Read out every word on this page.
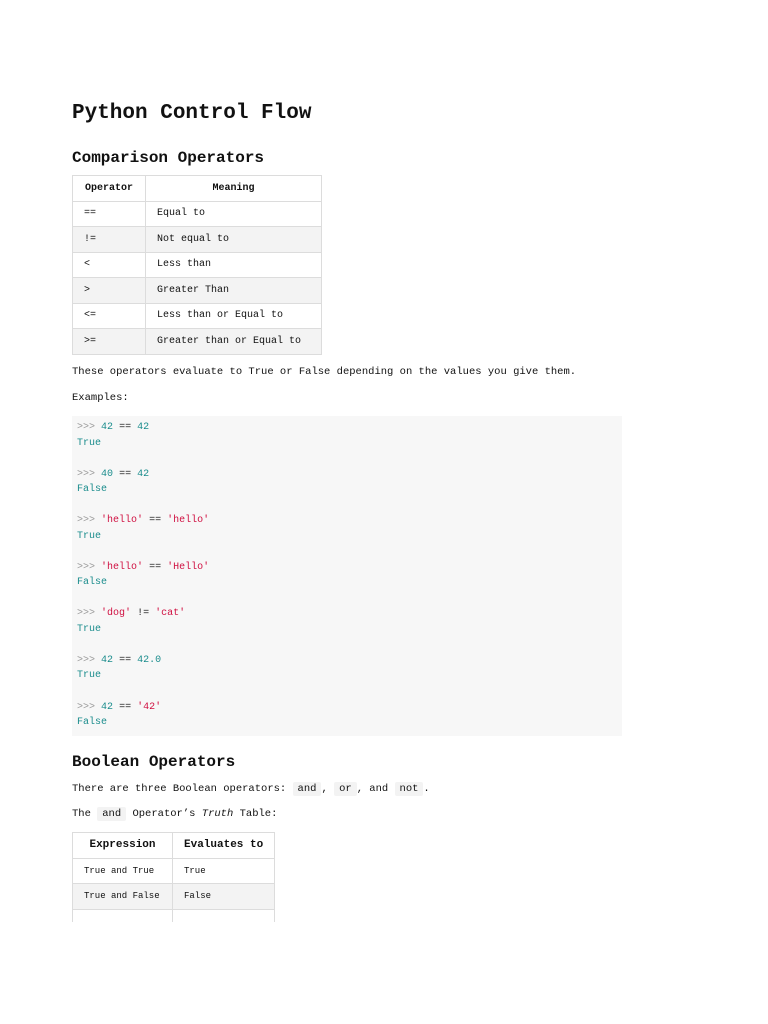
Python Control Flow
Comparison Operators
Operator	Meaning
==	Equal to
!=	Not equal to
<	Less than
>	Greater Than
<=	Less than or Equal to
>=	Greater than or Equal to

These operators evaluate to True or False depending on the values you give them.

Examples:

>>> 42 == 42
True
>>> 40 == 42
False
>>> 'hello' == 'hello'
True
>>> 'hello' == 'Hello'
False
>>> 'dog' != 'cat'
True
>>> 42 == 42.0
True
>>> 42 == '42'
False
Boolean Operators

There are three Boolean operators: and , or , and not .

The and Operator’s Truth Table:

Expression	Evaluates to
True and True	True
True and False	False
